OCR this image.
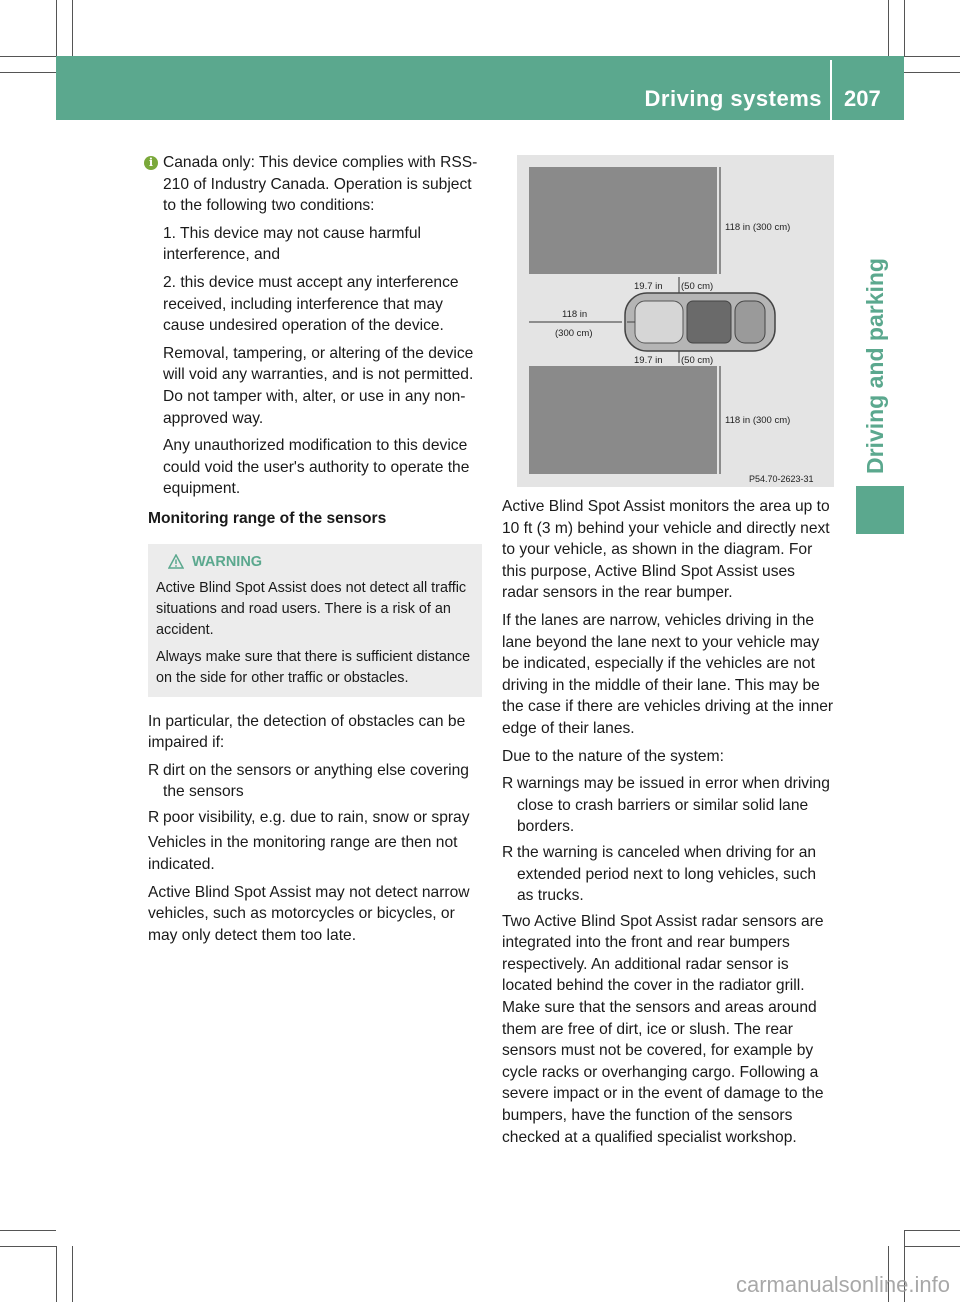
Driving systems 207
Driving and parking

i Canada only: This device complies with RSS-210 of Industry Canada. Operation is subject to the following two conditions:

1. This device may not cause harmful interference, and

2. this device must accept any interference received, including interference that may cause undesired operation of the device.

Removal, tampering, or altering of the device will void any warranties, and is not permitted. Do not tamper with, alter, or use in any non-approved way.

Any unauthorized modification to this device could void the user's authority to operate the equipment.

Monitoring range of the sensors

WARNING

Active Blind Spot Assist does not detect all traffic situations and road users. There is a risk of an accident.

Always make sure that there is sufficient distance on the side for other traffic or obstacles.

In particular, the detection of obstacles can be impaired if:

R dirt on the sensors or anything else covering the sensors
R poor visibility, e.g. due to rain, snow or spray

Vehicles in the monitoring range are then not indicated.

Active Blind Spot Assist may not detect narrow vehicles, such as motorcycles or bicycles, or may only detect them too late.

118 in (300 cm)
118 in (300 cm)
19.7 in (50 cm)
19.7 in (50 cm)
118 in
(300 cm)
P54.70-2623-31

Active Blind Spot Assist monitors the area up to 10 ft (3 m) behind your vehicle and directly next to your vehicle, as shown in the diagram. For this purpose, Active Blind Spot Assist uses radar sensors in the rear bumper.

If the lanes are narrow, vehicles driving in the lane beyond the lane next to your vehicle may be indicated, especially if the vehicles are not driving in the middle of their lane. This may be the case if there are vehicles driving at the inner edge of their lanes.

Due to the nature of the system:

R warnings may be issued in error when driving close to crash barriers or similar solid lane borders.
R the warning is canceled when driving for an extended period next to long vehicles, such as trucks.

Two Active Blind Spot Assist radar sensors are integrated into the front and rear bumpers respectively. An additional radar sensor is located behind the cover in the radiator grill. Make sure that the sensors and areas around them are free of dirt, ice or slush. The rear sensors must not be covered, for example by cycle racks or overhanging cargo. Following a severe impact or in the event of damage to the bumpers, have the function of the sensors checked at a qualified specialist workshop.

carmanualsonline.info
